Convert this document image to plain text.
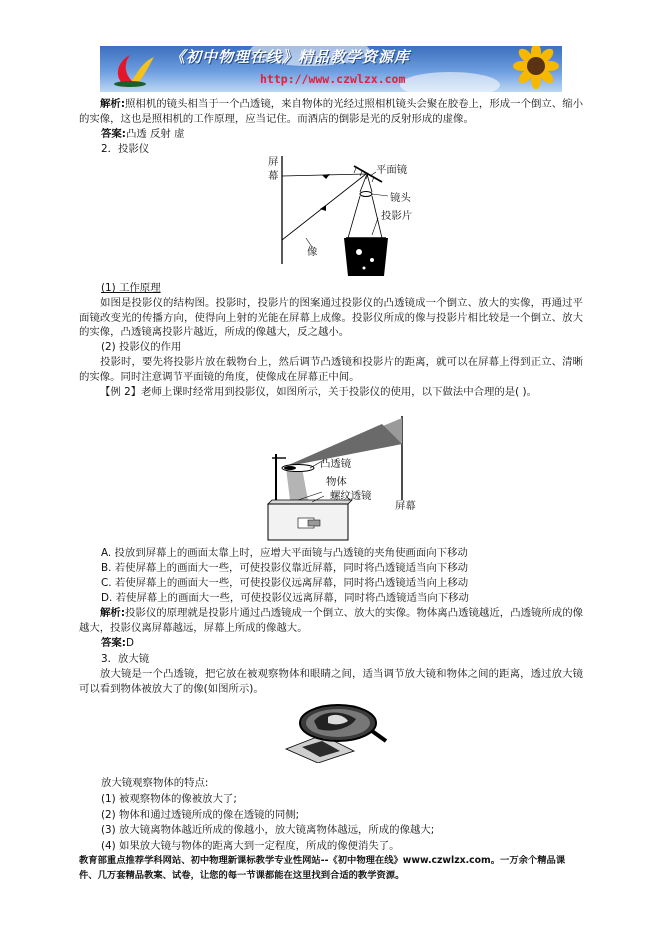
《初中物理在线》精品教学资源库
http://www.czwlzx.com
解析:照相机的镜头相当于一个凸透镜，来自物体的光经过照相机镜头会聚在胶卷上，形成一个倒立、缩小的实像，这也是照相机的工作原理，应当记住。而酒店的倒影是光的反射形成的虚像。
答案:凸透 反射 虚
2．投影仪
屏
幕	平面镜
镜头
投影片
像
(1) 工作原理
如图是投影仪的结构图。投影时，投影片的图案通过投影仪的凸透镜成一个倒立、放大的实像，再通过平面镜改变光的传播方向，使得向上射的光能在屏幕上成像。投影仪所成的像与投影片相比较是一个倒立、放大的实像，凸透镜离投影片越近，所成的像越大，反之越小。
(2) 投影仪的作用
投影时，要先将投影片放在载物台上，然后调节凸透镜和投影片的距离，就可以在屏幕上得到正立、清晰的实像。同时注意调节平面镜的角度，使像成在屏幕正中间。
【例 2】老师上课时经常用到投影仪，如图所示，关于投影仪的使用，以下做法中合理的是( )。
凸透镜
物体
螺纹透镜
屏幕
A. 投放到屏幕上的画面太靠上时，应增大平面镜与凸透镜的夹角使画面向下移动
B. 若使屏幕上的画面大一些，可使投影仪靠近屏幕，同时将凸透镜适当向下移动
C. 若使屏幕上的画面大一些，可使投影仪远离屏幕，同时将凸透镜适当向上移动
D. 若使屏幕上的画面大一些，可使投影仪远离屏幕，同时将凸透镜适当向下移动
解析:投影仪的原理就是投影片通过凸透镜成一个倒立、放大的实像。物体离凸透镜越近，凸透镜所成的像越大，投影仪离屏幕越远，屏幕上所成的像越大。
答案:D
3．放大镜
放大镜是一个凸透镜，把它放在被观察物体和眼睛之间，适当调节放大镜和物体之间的距离，透过放大镜可以看到物体被放大了的像(如图所示)。
放大镜观察物体的特点:
(1) 被观察物体的像被放大了;
(2) 物体和通过透镜所成的像在透镜的同侧;
(3) 放大镜离物体越近所成的像越小，放大镜离物体越远，所成的像越大;
(4) 如果放大镜与物体的距离大到一定程度，所成的像便消失了。
教育部重点推荐学科网站、初中物理新课标教学专业性网站--《初中物理在线》www.czwlzx.com。一万余个精品课
件、几万套精品教案、试卷，让您的每一节课都能在这里找到合适的教学资源。
